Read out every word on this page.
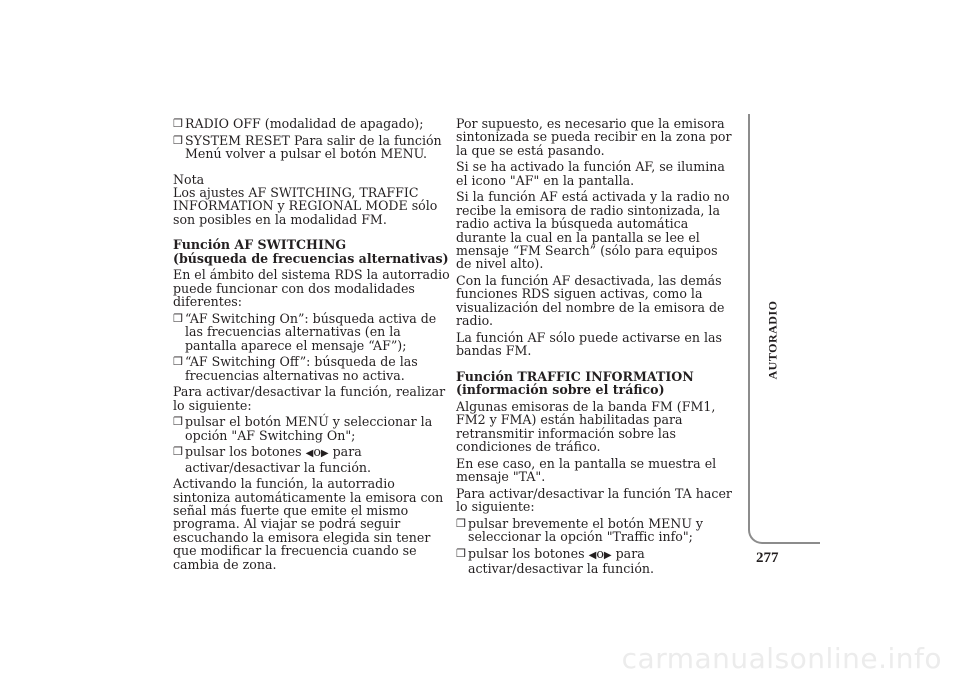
❒ RADIO OFF (modalidad de apagado);
❒ SYSTEM RESET Para salir de la función Menú volver a pulsar el botón MENU.

Nota

Los ajustes AF SWITCHING, TRAFFIC INFORMATION y REGIONAL MODE sólo son posibles en la modalidad FM.

Función AF SWITCHING

(búsqueda de frecuencias alternativas)

En el ámbito del sistema RDS la autorradio puede funcionar con dos modalidades diferentes:

❒ “AF Switching On”: búsqueda activa de las frecuencias alternativas (en la pantalla aparece el mensaje “AF”);
❒ “AF Switching Off”: búsqueda de las frecuencias alternativas no activa.

Para activar/desactivar la función, realizar lo siguiente:

❒ pulsar el botón MENÚ y seleccionar la opción "AF Switching On";
❒ pulsar los botones ◀o▶ para activar/desactivar la función.

Activando la función, la autorradio sintoniza automáticamente la emisora con señal más fuerte que emite el mismo programa. Al viajar se podrá seguir escuchando la emisora elegida sin tener que modificar la frecuencia cuando se cambia de zona.

Por supuesto, es necesario que la emisora sintonizada se pueda recibir en la zona por la que se está pasando.

Si se ha activado la función AF, se ilumina el icono "AF" en la pantalla.

Si la función AF está activada y la radio no recibe la emisora de radio sintonizada, la radio activa la búsqueda automática durante la cual en la pantalla se lee el mensaje “FM Search” (sólo para equipos de nivel alto).

Con la función AF desactivada, las demás funciones RDS siguen activas, como la visualización del nombre de la emisora de radio.

La función AF sólo puede activarse en las bandas FM.

Función TRAFFIC INFORMATION

(información sobre el tráfico)

Algunas emisoras de la banda FM (FM1, FM2 y FMA) están habilitadas para retransmitir información sobre las condiciones de tráfico.

En ese caso, en la pantalla se muestra el mensaje "TA".

Para activar/desactivar la función TA hacer lo siguiente:

❒ pulsar brevemente el botón MENU y seleccionar la opción "Traffic info";
❒ pulsar los botones ◀o▶ para activar/desactivar la función.
AUTORADIO
277
carmanualsonline.info
